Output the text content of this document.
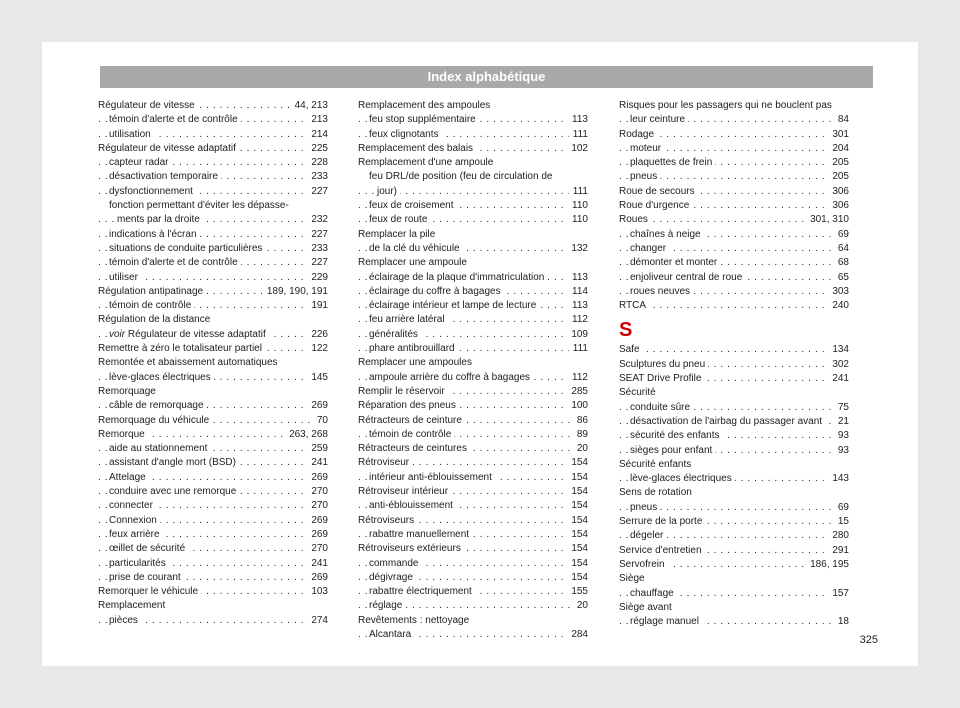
Index alphabétique
. . . Régulateur de vitesse	44, 213
. . . témoin d'alerte et de contrôle	213
. . . utilisation	214
. . . Régulateur de vitesse adaptatif	225
. . . capteur radar	228
. . . désactivation temporaire	233
. . . dysfonctionnement	227
fonction permettant d'éviter les dépasse-
. . . ments par la droite	232
. . . indications à l'écran	227
. . . situations de conduite particulières	233
. . . témoin d'alerte et de contrôle	227
. . . utiliser	229
. . . Régulation antipatinage	189, 190, 191
. . . témoin de contrôle	191
Régulation de la distance
. . . voir Régulateur de vitesse adaptatif	226
. . . Remettre à zéro le totalisateur partiel	122
Remontée et abaissement automatiques
. . . lève-glaces électriques	145
Remorquage
. . . câble de remorquage	269
. . . Remorquage du véhicule	70
. . . Remorque	263, 268
. . . aide au stationnement	259
. . . assistant d'angle mort (BSD)	241
. . . Attelage	269
. . . conduire avec une remorque	270
. . . connecter	270
. . . Connexion	269
. . . feux arrière	269
. . . œillet de sécurité	270
. . . particularités	241
. . . prise de courant	269
. . . Remorquer le véhicule	103
Remplacement
. . . pièces	274
Remplacement des ampoules
. . . feu stop supplémentaire	113
. . . feux clignotants	111
. . . Remplacement des balais	102
Remplacement d'une ampoule
feu DRL/de position (feu de circulation de
. . . jour)	111
. . . feux de croisement	110
. . . feux de route	110
Remplacer la pile
. . . de la clé du véhicule	132
Remplacer une ampoule
. . . éclairage de la plaque d'immatriculation	113
. . . éclairage du coffre à bagages	114
. . . éclairage intérieur et lampe de lecture	113
. . . feu arrière latéral	112
. . . généralités	109
. . . phare antibrouillard	111
Remplacer une ampoules
. . . ampoule arrière du coffre à bagages	112
. . . Remplir le réservoir	285
. . . Réparation des pneus	100
. . . Rétracteurs de ceinture	86
. . . témoin de contrôle	89
. . . Rétracteurs de ceintures	20
. . . Rétroviseur	154
. . . intérieur anti-éblouissement	154
. . . Rétroviseur intérieur	154
. . . anti-éblouissement	154
. . . Rétroviseurs	154
. . . rabattre manuellement	154
. . . Rétroviseurs extérieurs	154
. . . commande	154
. . . dégivrage	154
. . . rabattre électriquement	155
. . . réglage	20
Revêtements : nettoyage
. . . Alcantara	284
Risques pour les passagers qui ne bouclent pas
. . . leur ceinture	84
. . . Rodage	301
. . . moteur	204
. . . plaquettes de frein	205
. . . pneus	205
. . . Roue de secours	306
. . . Roue d'urgence	306
. . . Roues	301, 310
. . . chaînes à neige	69
. . . changer	64
. . . démonter et monter	68
. . . enjoliveur central de roue	65
. . . roues neuves	303
. . . RTCA	240
S
. . . Safe	134
. . . Sculptures du pneu	302
. . . SEAT Drive Profile	241
Sécurité
. . . conduite sûre	75
. . . désactivation de l'airbag du passager avant	21
. . . sécurité des enfants	93
. . . sièges pour enfant	93
Sécurité enfants
. . . lève-glaces électriques	143
Sens de rotation
. . . pneus	69
. . . Serrure de la porte	15
. . . dégeler	280
. . . Service d'entretien	291
. . . Servofrein	186, 195
Siège
. . . chauffage	157
Siège avant
. . . réglage manuel	18
325
